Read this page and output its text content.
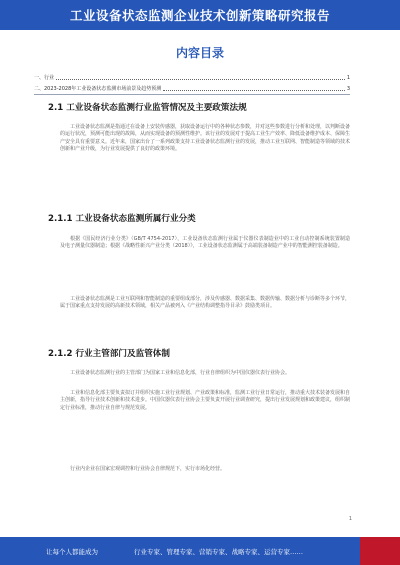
工业设备状态监测企业技术创新策略研究报告
内容目录
一、行业	1
二、2023-2028年工业设备状态监测市场前景及趋势预测	3
2.1 工业设备状态监测行业监管情况及主要政策法规

工业设备状态监测是指通过在设备上安装传感器，获取设备运行中的各种状态参数，并对这些参数进行分析和处理，以判断设备的运行状况，预测可能出现的故障，从而实现设备的预测性维护。该行业的发展对于提高工业生产效率、降低设备维护成本、保障生产安全具有重要意义。近年来，国家出台了一系列政策支持工业设备状态监测行业的发展，推动工业互联网、智能制造等领域的技术创新和产业升级，为行业发展提供了良好的政策环境。

2.1.1 工业设备状态监测所属行业分类

根据《国民经济行业分类》（GB/T 4754-2017），工业设备状态监测行业属于仪器仪表制造业中的工业自动控制系统装置制造及电子测量仪器制造；根据《战略性新兴产业分类（2018）》，工业设备状态监测属于高端装备制造产业中的智能测控装备制造。

工业设备状态监测是工业互联网和智能制造的重要组成部分，涉及传感器、数据采集、数据传输、数据分析与诊断等多个环节，属于国家重点支持发展的高新技术领域，相关产品被列入《产业结构调整指导目录》鼓励类项目。

2.1.2 行业主管部门及监管体制

工业设备状态监测行业的主管部门为国家工业和信息化部，行业自律组织为中国仪器仪表行业协会。

工业和信息化部主要负责拟订并组织实施工业行业规划、产业政策和标准，监测工业行业日常运行，推动重大技术装备发展和自主创新，指导行业技术创新和技术进步。中国仪器仪表行业协会主要负责开展行业调查研究，提出行业发展规划和政策建议，组织制定行业标准，推动行业自律与规范发展。

行业内企业在国家宏观调控和行业协会自律规范下，实行市场化经营。

1
让每个人都能成为	行业专家、管理专家、营销专家、战略专家、运营专家……
